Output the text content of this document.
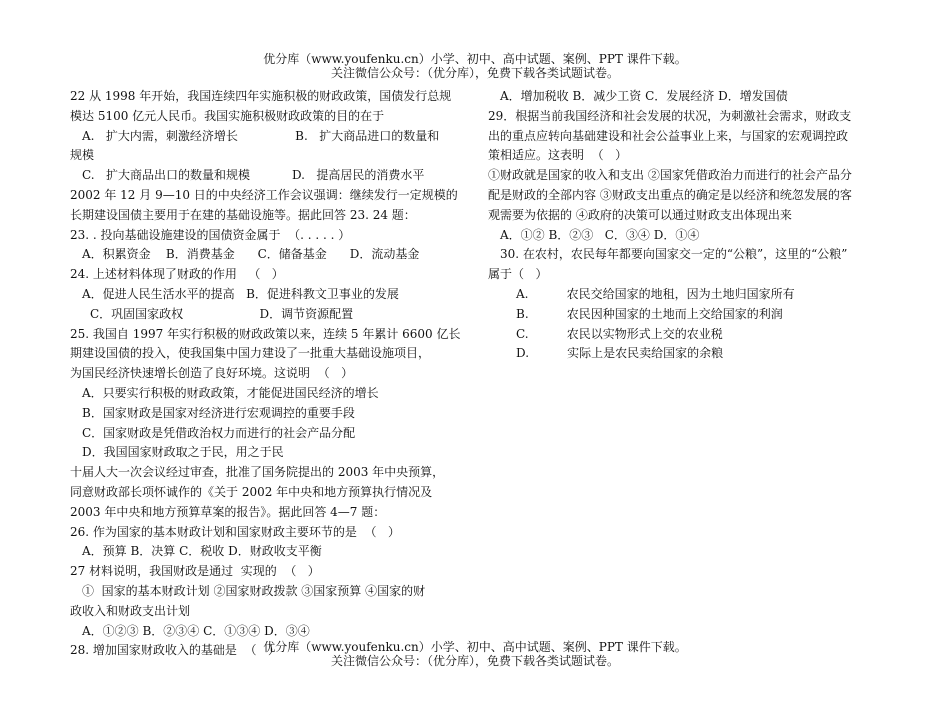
优分库（www.youfenku.cn）小学、初中、高中试题、案例、PPT 课件下载。
关注微信公众号：（优分库），免费下载各类试题试卷。
22 从 1998 年开始，我国连续四年实施积极的财政政策，国债发行总规
模达 5100 亿元人民币。我国实施积极财政政策的目的在于
A.   扩大内需，刺激经济增长               B.   扩大商品进口的数量和
规模
C.   扩大商品出口的数量和规模           D.   提高居民的消费水平
2002 年 12 月 9—10 日的中央经济工作会议强调：继续发行一定规模的
长期建设国债主要用于在建的基础设施等。据此回答 23. 24 题：
23. . 投向基础设施建设的国债资金属于  （. . . . . ）
A．积累资金    B．消费基金      C．储备基金      D．流动基金
24. 上述材料体现了财政的作用   （   ）
A．促进人民生活水平的提高   B．促进科教文卫事业的发展
C．巩固国家政权                    D．调节资源配置
25. 我国自 1997 年实行积极的财政政策以来，连续 5 年累计 6600 亿长
期建设国债的投入，使我国集中国力建设了一批重大基础设施项目，
为国民经济快速增长创造了良好环境。这说明  （   ）
A．只要实行积极的财政政策，才能促进国民经济的增长
B．国家财政是国家对经济进行宏观调控的重要手段
C．国家财政是凭借政治权力而进行的社会产品分配
D．我国国家财政取之于民，用之于民
十届人大一次会议经过审查，批准了国务院提出的 2003 年中央预算，
同意财政部长项怀诚作的《关于 2002 年中央和地方预算执行情况及
2003 年中央和地方预算草案的报告》。据此回答 4—7 题：
26. 作为国家的基本财政计划和国家财政主要环节的是  （   ）
A．预算 B．决算 C．税收 D．财政收支平衡
27 材料说明，我国财政是通过  实现的  （   ）
①  国家的基本财政计划 ②国家财政拨款 ③国家预算 ④国家的财
政收入和财政支出计划
A．①②③ B．②③④ C．①③④ D．③④
28. 增加国家财政收入的基础是  （   ）
A．增加税收 B．减少工资 C．发展经济 D．增发国债
29．根据当前我国经济和社会发展的状况，为刺激社会需求，财政支
出的重点应转向基础建设和社会公益事业上来，与国家的宏观调控政
策相适应。这表明  （   ）
①财政就是国家的收入和支出 ②国家凭借政治力而进行的社会产品分
配是财政的全部内容 ③财政支出重点的确定是以经济和统忽发展的客
观需要为依据的 ④政府的决策可以通过财政支出体现出来
A．①② B．②③   C．③④ D．①④
30. 在农村，农民每年都要向国家交一定的“公粮”，这里的“公粮”
属于（   ）
A.          农民交给国家的地租，因为土地归国家所有
B.          农民因种国家的土地而上交给国家的利润
C.          农民以实物形式上交的农业税
D.          实际上是农民卖给国家的余粮
优分库（www.youfenku.cn）小学、初中、高中试题、案例、PPT 课件下载。
关注微信公众号：（优分库），免费下载各类试题试卷。
